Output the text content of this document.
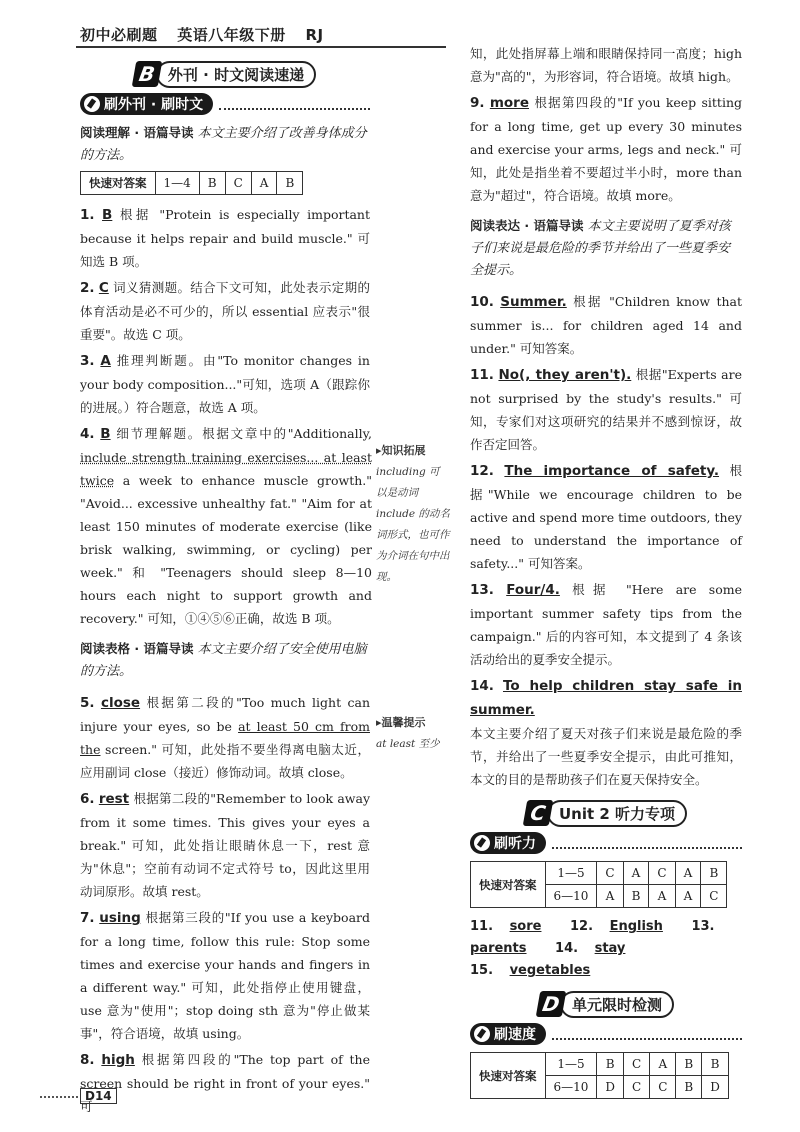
初中必刷题 英语八年级下册 RJ
B 外刊 · 时文阅读速递
刷外刊 · 刷时文
阅读理解 · 语篇导读 本文主要介绍了改善身体成分的方法。
快速对答案	1—4	B	C	A	B
1. B 根据 "Protein is especially important because it helps repair and build muscle." 可知选 B 项。
2. C 词义猜测题。结合下文可知，此处表示定期的体育活动是必不可少的，所以 essential 应表示"很重要"。故选 C 项。
3. A 推理判断题。由"To monitor changes in your body composition..."可知，选项 A（跟踪你的进展。）符合题意，故选 A 项。
4. B 细节理解题。根据文章中的"Additionally, include strength training exercises... at least twice a week to enhance muscle growth." "Avoid... excessive unhealthy fat." "Aim for at least 150 minutes of moderate exercise (like brisk walking, swimming, or cycling) per week." 和 "Teenagers should sleep 8—10 hours each night to support growth and recovery." 可知，①④⑤⑥正确，故选 B 项。
阅读表格 · 语篇导读 本文主要介绍了安全使用电脑的方法。
5. close 根据第二段的"Too much light can injure your eyes, so be at least 50 cm from the screen." 可知，此处指不要坐得离电脑太近，应用副词 close（接近）修饰动词。故填 close。
6. rest 根据第二段的"Remember to look away from it some times. This gives your eyes a break." 可知，此处指让眼睛休息一下，rest 意为"休息"；空前有动词不定式符号 to，因此这里用动词原形。故填 rest。
7. using 根据第三段的"If you use a keyboard for a long time, follow this rule: Stop some times and exercise your hands and fingers in a different way." 可知，此处指停止使用键盘，use 意为"使用"；stop doing sth 意为"停止做某事"，符合语境，故填 using。
8. high 根据第四段的"The top part of the screen should be right in front of your eyes." 可
▸知识拓展
including 可以是动词 include 的动名词形式，也可作为介词在句中出现。
▸温馨提示
at least 至少
知，此处指屏幕上端和眼睛保持同一高度；high 意为"高的"，为形容词，符合语境。故填 high。
9. more 根据第四段的"If you keep sitting for a long time, get up every 30 minutes and exercise your arms, legs and neck." 可知，此处是指坐着不要超过半小时，more than 意为"超过"，符合语境。故填 more。
阅读表达 · 语篇导读 本文主要说明了夏季对孩子们来说是最危险的季节并给出了一些夏季安全提示。
10. Summer. 根据 "Children know that summer is... for children aged 14 and under." 可知答案。
11. No(, they aren't). 根据"Experts are not surprised by the study's results." 可知，专家们对这项研究的结果并不感到惊讶，故作否定回答。
12. The importance of safety. 根据"While we encourage children to be active and spend more time outdoors, they need to understand the importance of safety..." 可知答案。
13. Four/4. 根据 "Here are some important summer safety tips from the campaign." 后的内容可知，本文提到了 4 条该活动给出的夏季安全提示。
14. To help children stay safe in summer.
本文主要介绍了夏天对孩子们来说是最危险的季节，并给出了一些夏季安全提示，由此可推知，本文的目的是帮助孩子们在夏天保持安全。
C Unit 2 听力专项
刷听力
快速对答案	1—5	C	A	C	A	B
	6—10	A	B	A	A	C
11. sore 12. English 13. parents 14. stay
15. vegetables
D 单元限时检测
刷速度
快速对答案	1—5	B	C	A	B	B
	6—10	D	C	C	B	D
D14
